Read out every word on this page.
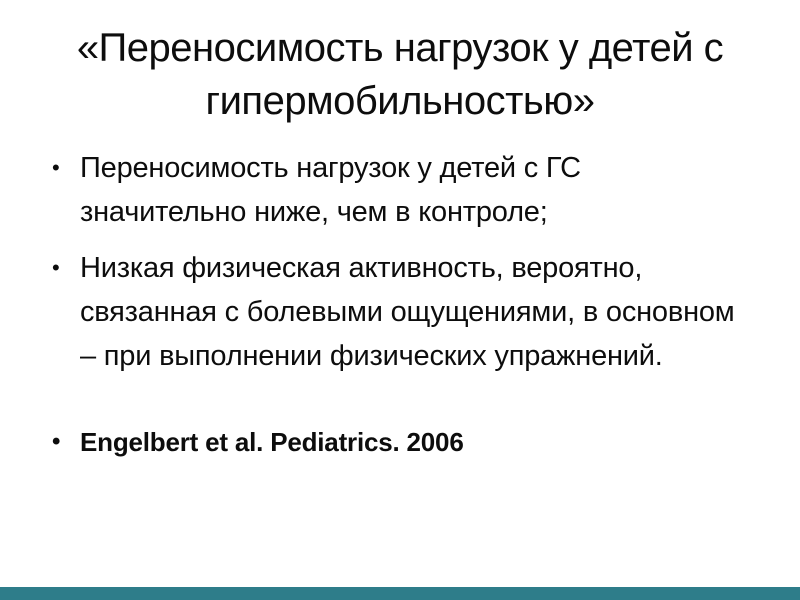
«Переносимость нагрузок у детей с гипермобильностью»
• Переносимость нагрузок у детей с ГС значительно ниже, чем в контроле;
• Низкая физическая активность, вероятно, связанная с болевыми ощущениями, в основном – при выполнении физических упражнений.
• Engelbert et al. Pediatrics. 2006
